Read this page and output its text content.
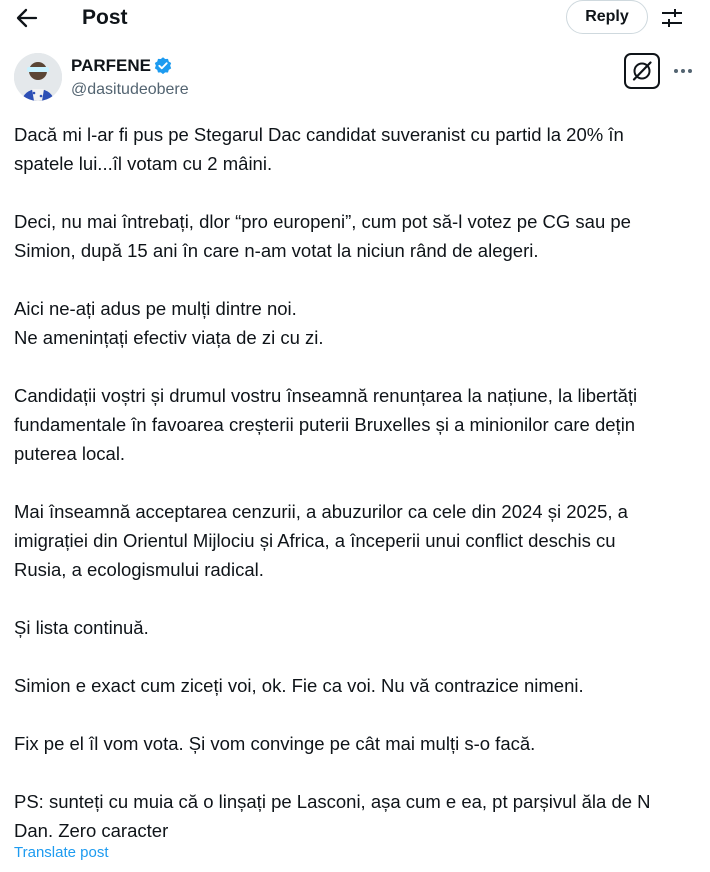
Post	Reply
PARFENE
@dasitudeobere

Dacă mi l-ar fi pus pe Stegarul Dac candidat suveranist cu partid la 20% în
spatele lui...îl votam cu 2 mâini.

Deci, nu mai întrebați, dlor “pro europeni”, cum pot să-l votez pe CG sau pe
Simion, după 15 ani în care n-am votat la niciun rând de alegeri.

Aici ne-ați adus pe mulți dintre noi.
Ne amenințați efectiv viața de zi cu zi.

Candidații voștri și drumul vostru înseamnă renunțarea la națiune, la libertăți
fundamentale în favoarea creșterii puterii Bruxelles și a minionilor care dețin
puterea local.

Mai înseamnă acceptarea cenzurii, a abuzurilor ca cele din 2024 și 2025, a
imigrației din Orientul Mijlociu și Africa, a începerii unui conflict deschis cu
Rusia, a ecologismului radical.

Și lista continuă.

Simion e exact cum ziceți voi, ok. Fie ca voi. Nu vă contrazice nimeni.

Fix pe el îl vom vota. Și vom convinge pe cât mai mulți s-o facă.

PS: sunteți cu muia că o linșați pe Lasconi, așa cum e ea, pt parșivul ăla de N
Dan. Zero caracter

Translate post
